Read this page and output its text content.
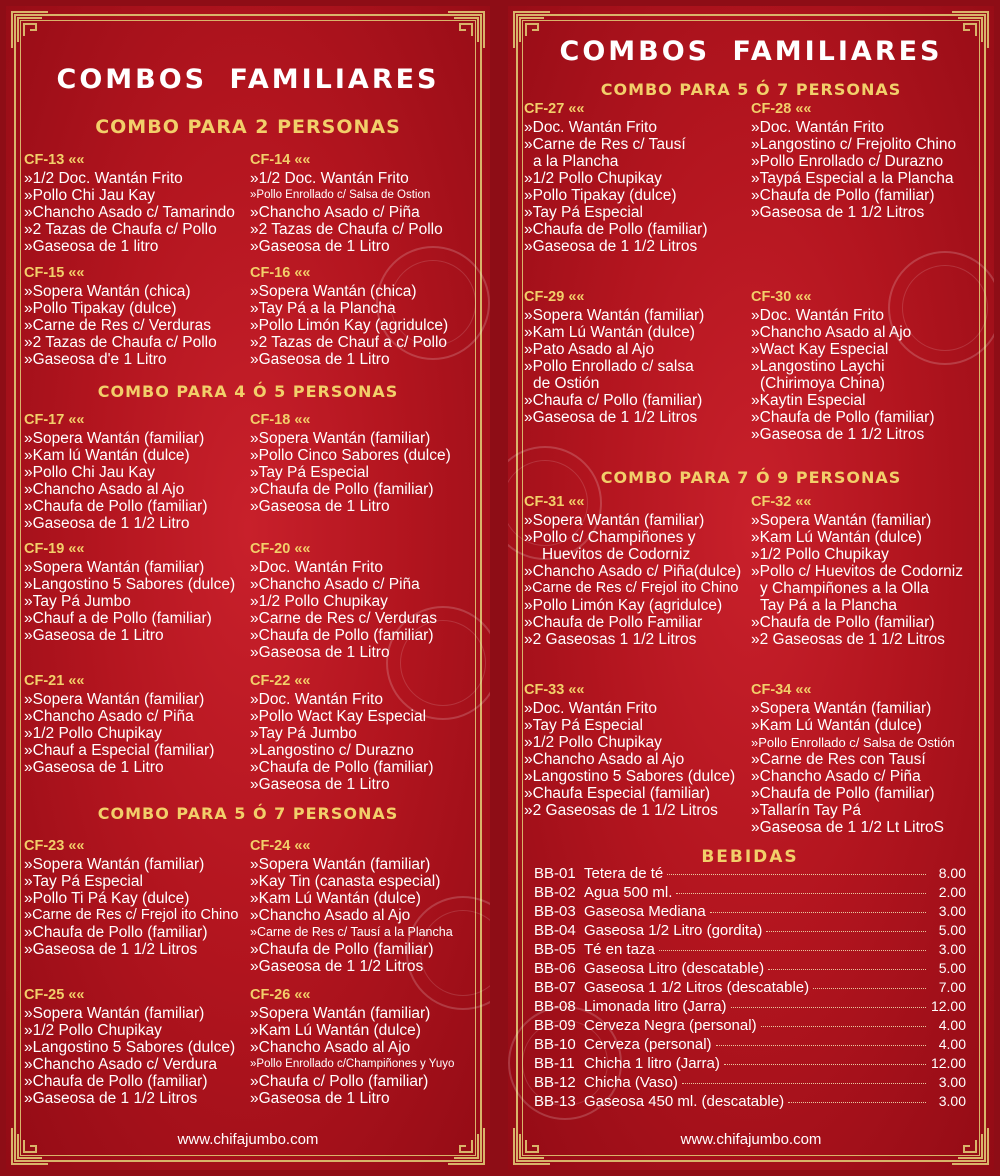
COMBOS FAMILIARES
COMBO PARA 2 PERSONAS
COMBO PARA 4 Ó 5 PERSONAS
COMBO PARA 5 Ó 7 PERSONAS
CF-13 ««
»1/2 Doc. Wantán Frito
»Pollo Chi Jau Kay
»Chancho Asado c/ Tamarindo
»2 Tazas de Chaufa c/ Pollo
»Gaseosa de 1 litro
CF-14 ««
»1/2 Doc. Wantán Frito
»Pollo Enrollado c/ Salsa de Ostion
»Chancho Asado c/ Piña
»2 Tazas de Chaufa c/ Pollo
»Gaseosa de 1 Litro
CF-15 ««
»Sopera Wantán (chica)
»Pollo Tipakay (dulce)
»Carne de Res c/ Verduras
»2 Tazas de Chaufa c/ Pollo
»Gaseosa d'e 1 Litro
CF-16 ««
»Sopera Wantán (chica)
»Tay Pá a la Plancha
»Pollo Limón Kay (agridulce)
»2 Tazas de Chauf a c/ Pollo
»Gaseosa de 1 Litro
CF-17 ««
»Sopera Wantán (familiar)
»Kam lú Wantán (dulce)
»Pollo Chi Jau Kay
»Chancho Asado al Ajo
»Chaufa de Pollo (familiar)
»Gaseosa de 1 1/2 Litro
CF-18 ««
»Sopera Wantán (familiar)
»Pollo Cinco Sabores (dulce)
»Tay Pá Especial
»Chaufa de Pollo (familiar)
»Gaseosa de 1 Litro
CF-19 ««
»Sopera Wantán (familiar)
»Langostino 5 Sabores (dulce)
»Tay Pá Jumbo
»Chauf a de Pollo (familiar)
»Gaseosa de 1 Litro
CF-20 ««
»Doc. Wantán Frito
»Chancho Asado c/ Piña
»1/2 Pollo Chupikay
»Carne de Res c/ Verduras
»Chaufa de Pollo (familiar)
»Gaseosa de 1 Litro
CF-21 ««
»Sopera Wantán (familiar)
»Chancho Asado c/ Piña
»1/2 Pollo Chupikay
»Chauf a Especial (familiar)
»Gaseosa de 1 Litro
CF-22 ««
»Doc. Wantán Frito
»Pollo Wact Kay Especial
»Tay Pá Jumbo
»Langostino c/ Durazno
»Chaufa de Pollo (familiar)
»Gaseosa de 1 Litro
CF-23 ««
»Sopera Wantán (familiar)
»Tay Pá Especial
»Pollo Ti Pá Kay (dulce)
»Carne de Res c/ Frejol ito Chino
»Chaufa de Pollo (familiar)
»Gaseosa de 1 1/2 Litros
CF-24 ««
»Sopera Wantán (familiar)
»Kay Tin (canasta especial)
»Kam Lú Wantán (dulce)
»Chancho Asado al Ajo
»Carne de Res c/ Tausí a la Plancha
»Chaufa de Pollo (familiar)
»Gaseosa de 1 1/2 Litros
CF-25 ««
»Sopera Wantán (familiar)
»1/2 Pollo Chupikay
»Langostino 5 Sabores (dulce)
»Chancho Asado c/ Verdura
»Chaufa de Pollo (familiar)
»Gaseosa de 1 1/2 Litros
CF-26 ««
»Sopera Wantán (familiar)
»Kam Lú Wantán (dulce)
»Chancho Asado al Ajo
»Pollo Enrollado c/Champiñones y Yuyo
»Chaufa c/ Pollo (familiar)
»Gaseosa de 1 Litro
www.chifajumbo.com
COMBOS FAMILIARES
COMBO PARA 5 Ó 7 PERSONAS
COMBO PARA 7 Ó 9 PERSONAS
CF-27 ««
»Doc. Wantán Frito
»Carne de Res c/ Tausí
a la Plancha
»1/2 Pollo Chupikay
»Pollo Tipakay (dulce)
»Tay Pá Especial
»Chaufa de Pollo (familiar)
»Gaseosa de 1 1/2 Litros
CF-28 ««
»Doc. Wantán Frito
»Langostino c/ Frejolito Chino
»Pollo Enrollado c/ Durazno
»Taypá Especial a la Plancha
»Chaufa de Pollo (familiar)
»Gaseosa de 1 1/2 Litros
CF-29 ««
»Sopera Wantán (familiar)
»Kam Lú Wantán (dulce)
»Pato Asado al Ajo
»Pollo Enrollado c/ salsa
de Ostión
»Chaufa c/ Pollo (familiar)
»Gaseosa de 1 1/2 Litros
CF-30 ««
»Doc. Wantán Frito
»Chancho Asado al Ajo
»Wact Kay Especial
»Langostino Laychi
(Chirimoya China)
»Kaytin Especial
»Chaufa de Pollo (familiar)
»Gaseosa de 1 1/2 Litros
CF-31 ««
»Sopera Wantán (familiar)
»Pollo c/ Champiñones y
Huevitos de Codorniz
»Chancho Asado c/ Piña(dulce)
»Carne de Res c/ Frejol ito Chino
»Pollo Limón Kay (agridulce)
»Chaufa de Pollo Familiar
»2 Gaseosas 1 1/2 Litros
CF-32 ««
»Sopera Wantán (familiar)
»Kam Lú Wantán (dulce)
»1/2 Pollo Chupikay
»Pollo c/ Huevitos de Codorniz
y Champiñones a la Olla
Tay Pá a la Plancha
»Chaufa de Pollo (familiar)
»2 Gaseosas de 1 1/2 Litros
CF-33 ««
»Doc. Wantán Frito
»Tay Pá Especial
»1/2 Pollo Chupikay
»Chancho Asado al Ajo
»Langostino 5 Sabores (dulce)
»Chaufa Especial (familiar)
»2 Gaseosas de 1 1/2 Litros
CF-34 ««
»Sopera Wantán (familiar)
»Kam Lú Wantán (dulce)
»Pollo Enrollado c/ Salsa de Ostión
»Carne de Res con Tausí
»Chancho Asado c/ Piña
»Chaufa de Pollo (familiar)
»Tallarín Tay Pá
»Gaseosa de 1 1/2 Lt LitroS
www.chifajumbo.com
BEBIDAS
BB-01 Tetera de té	8.00
BB-02 Agua 500 ml.	2.00
BB-03 Gaseosa Mediana	3.00
BB-04 Gaseosa 1/2 Litro (gordita)	5.00
BB-05 Té en taza	3.00
BB-06 Gaseosa Litro (descatable)	5.00
BB-07 Gaseosa 1 1/2 Litros (descatable)	7.00
BB-08 Limonada litro (Jarra)	12.00
BB-09 Cerveza Negra (personal)	4.00
BB-10 Cerveza (personal)	4.00
BB-11 Chicha 1 litro (Jarra)	12.00
BB-12 Chicha (Vaso)	3.00
BB-13 Gaseosa 450 ml. (descatable)	3.00
